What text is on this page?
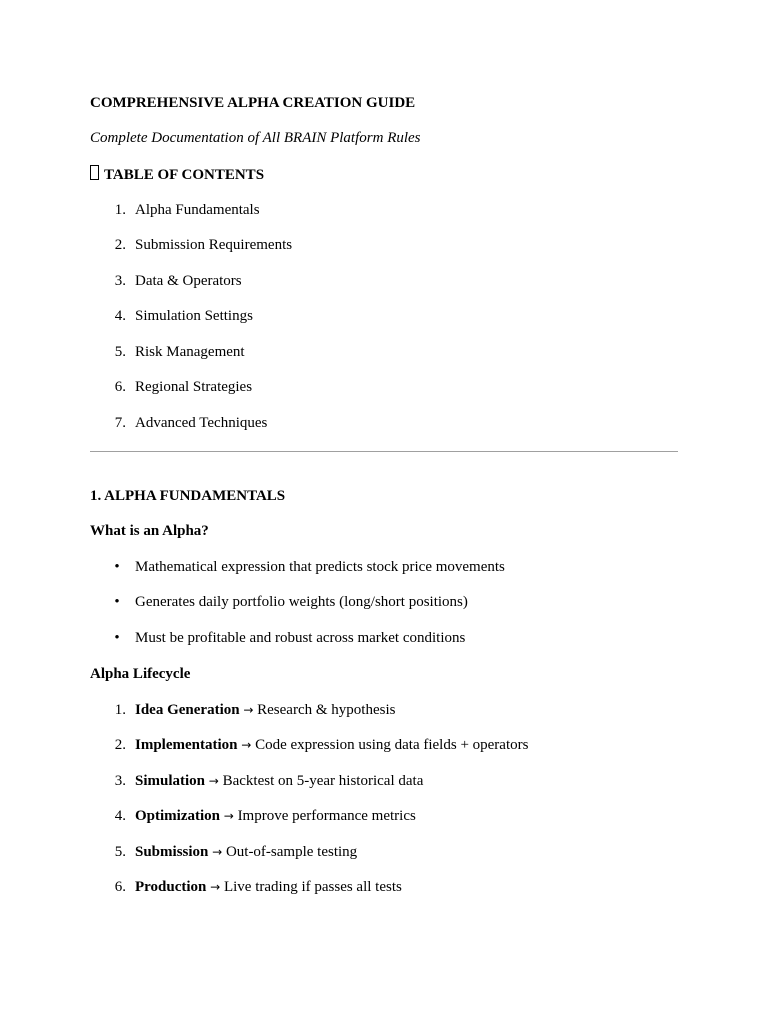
COMPREHENSIVE ALPHA CREATION GUIDE
Complete Documentation of All BRAIN Platform Rules
TABLE OF CONTENTS
1. Alpha Fundamentals
2. Submission Requirements
3. Data & Operators
4. Simulation Settings
5. Risk Management
6. Regional Strategies
7. Advanced Techniques
1. ALPHA FUNDAMENTALS
What is an Alpha?
• Mathematical expression that predicts stock price movements
• Generates daily portfolio weights (long/short positions)
• Must be profitable and robust across market conditions
Alpha Lifecycle
1. Idea Generation → Research & hypothesis
2. Implementation → Code expression using data fields + operators
3. Simulation → Backtest on 5-year historical data
4. Optimization → Improve performance metrics
5. Submission → Out-of-sample testing
6. Production → Live trading if passes all tests
